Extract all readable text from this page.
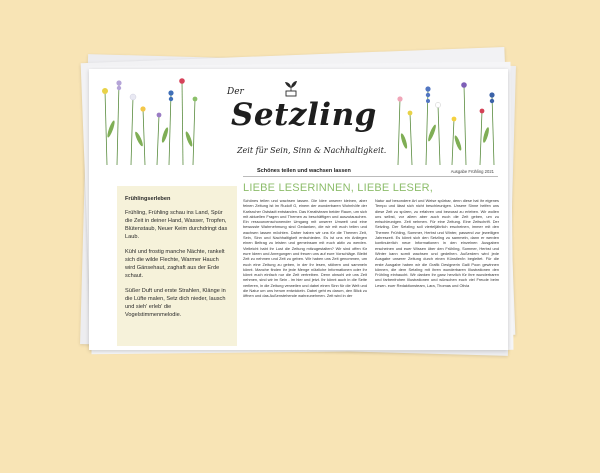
Der
Setzling
Zeit für Sein, Sinn & Nachhaltigkeit.
Schönes teilen und wachsen lassen	Ausgabe Frühling 2021
Frühlingserleben

Frühling, Frühling schau ins Land, Spür die Zeit in deiner Hand, Wasser, Tropfen, Blütenstaub, Neuer Keim durchdringt das Laub.

Kühl und frostig manche Nächte, rankelt sich die wilde Flechte, Warmer Hauch wird Gänsehaut, zaghaft aus der Erde schaut.

Süßer Duft und erste Strahlen, Klänge in die Lüfte malen, Setz dich nieder, lausch und sieh' erleb' die Vogelstimmenmelodie.

LIEBE LESERINNEN, LIEBE LESER,
Schönes teilen und wachsen lassen. Die Idee unserer kleinen, aber feinen Zeitung ist im Rudolf G, einem der wunderbaren Wohnhöfe der Karlsruher Oststadt entstanden. Das Kreativteam beider Raum, um sich mit aktuellen Fragen und Themen zu beschäftigen und auszutauschen. Ein ressourcenschonender Umgang mit unserer Umwelt und eine bewusste Wahrnehmung sind Gedanken, die wir mit euch teilen und wachsen lassen möchten. Daher haben wir uns für die Themen Zeit, Sein, Sinn und Nachhaltigkeit entschieden. Es ist uns ein Anliegen einen Beitrag zu leisten und gemeinsam mit euch aktiv zu werden. Vielleicht habt ihr Lust die Zeitung mitzugestalten? Wir sind offen für eure Ideen und Anregungen und freuen uns auf eure Vorschläge. Bleibt Zeit zu nehmen und Zeit zu geben. Wir haben uns Zeit genommen, um euch eine Zeitung zu geben, in der ihr lesen, stöbern und sammeln könnt. Manche finden ihr jede Menge nützliche Informationen oder ihr könnt euch einfach nur die Zeit vertreiben. Denn obwohl wir uns Zeit nehmen, sind wir im Sein - im hier und jetzt. Ihr könnt auch in die Seite verlieren, in die Zeitung verweilen und dabei einen Sinn für die Welt und die Natur um uns herum entwickeln. Dabei geht es darum, den Blick zu öffnen und das Außenstehende wahrzunehmen. Zeit wird in der
Natur auf besondere Art und Weise spürbar, denn diese hat ihr eigenes Tempo und lässt sich nicht beschleunigen. Unsere Sinne helfen uns diese Zeit zu spüren, zu erfahren und bewusst zu erleben. Wir wollen uns selbst, vor allem aber auch euch die Zeit geben, um zu entschleunigen. Zeit nehmen. Für eine Zeitung. Eine Zeitschrift. Der Setzling. Der Setzling soll vierteljährlich erscheinen, immer mit den Themen Frühling, Sommer, Herbst und Winter, passend zur jeweiligen Jahreszeit. Es könnt sich den Setzling zu sammeln, dann er werden kontinuierlich neue Informationen in den einzelnen Ausgaben erscheinen und euer Wissen über den Frühling, Sommer, Herbst und Winter kann somit wachsen und gedeihen. Außerdem wird jede Ausgabe unserer Zeitung durch einen Künstler/in begleitet. Für die erste Ausgabe haben wir die Grafik Designerin Gaili Poon gewinnen können, die dem Setzling mit ihren wunderbaren Illustrationen den Frühling einhaucht. Wir danken ihr ganz herzlich für ihre wunderbaren und farbenfrohen Illustrationen und wünschen euch viel Freude beim Lesen. euer Redaktionsteam, Lara, Thomas und Olivia
